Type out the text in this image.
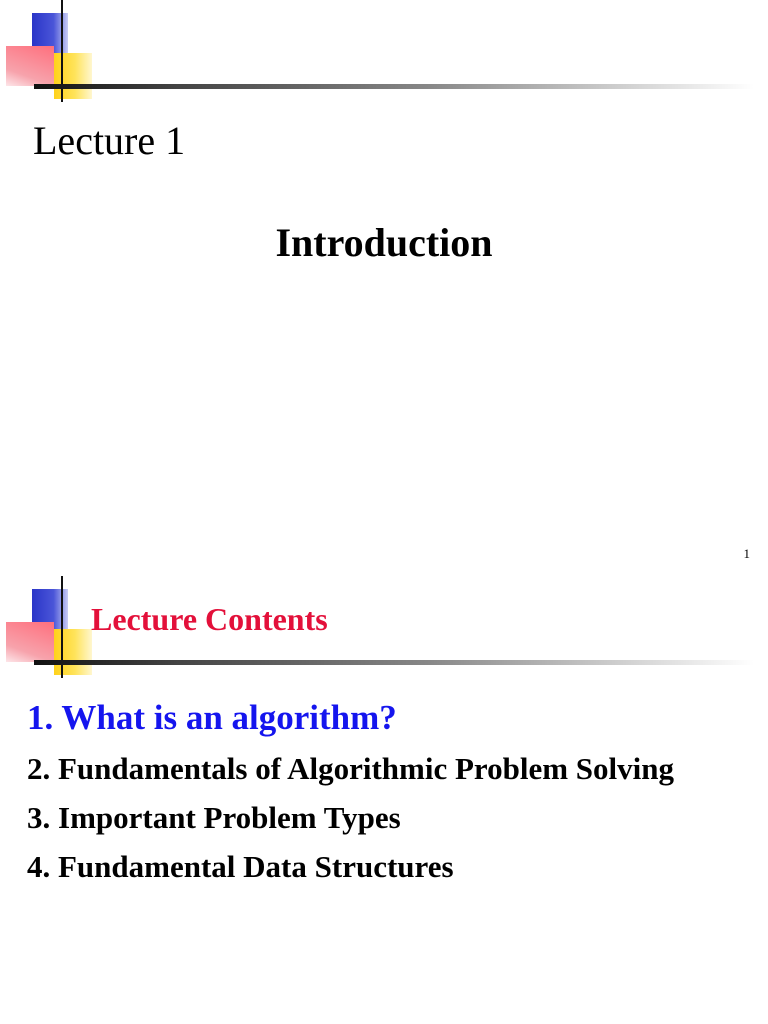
Lecture 1
Introduction
1
Lecture Contents
1. What is an algorithm?
2. Fundamentals of Algorithmic Problem Solving
3. Important Problem Types
4. Fundamental Data Structures
